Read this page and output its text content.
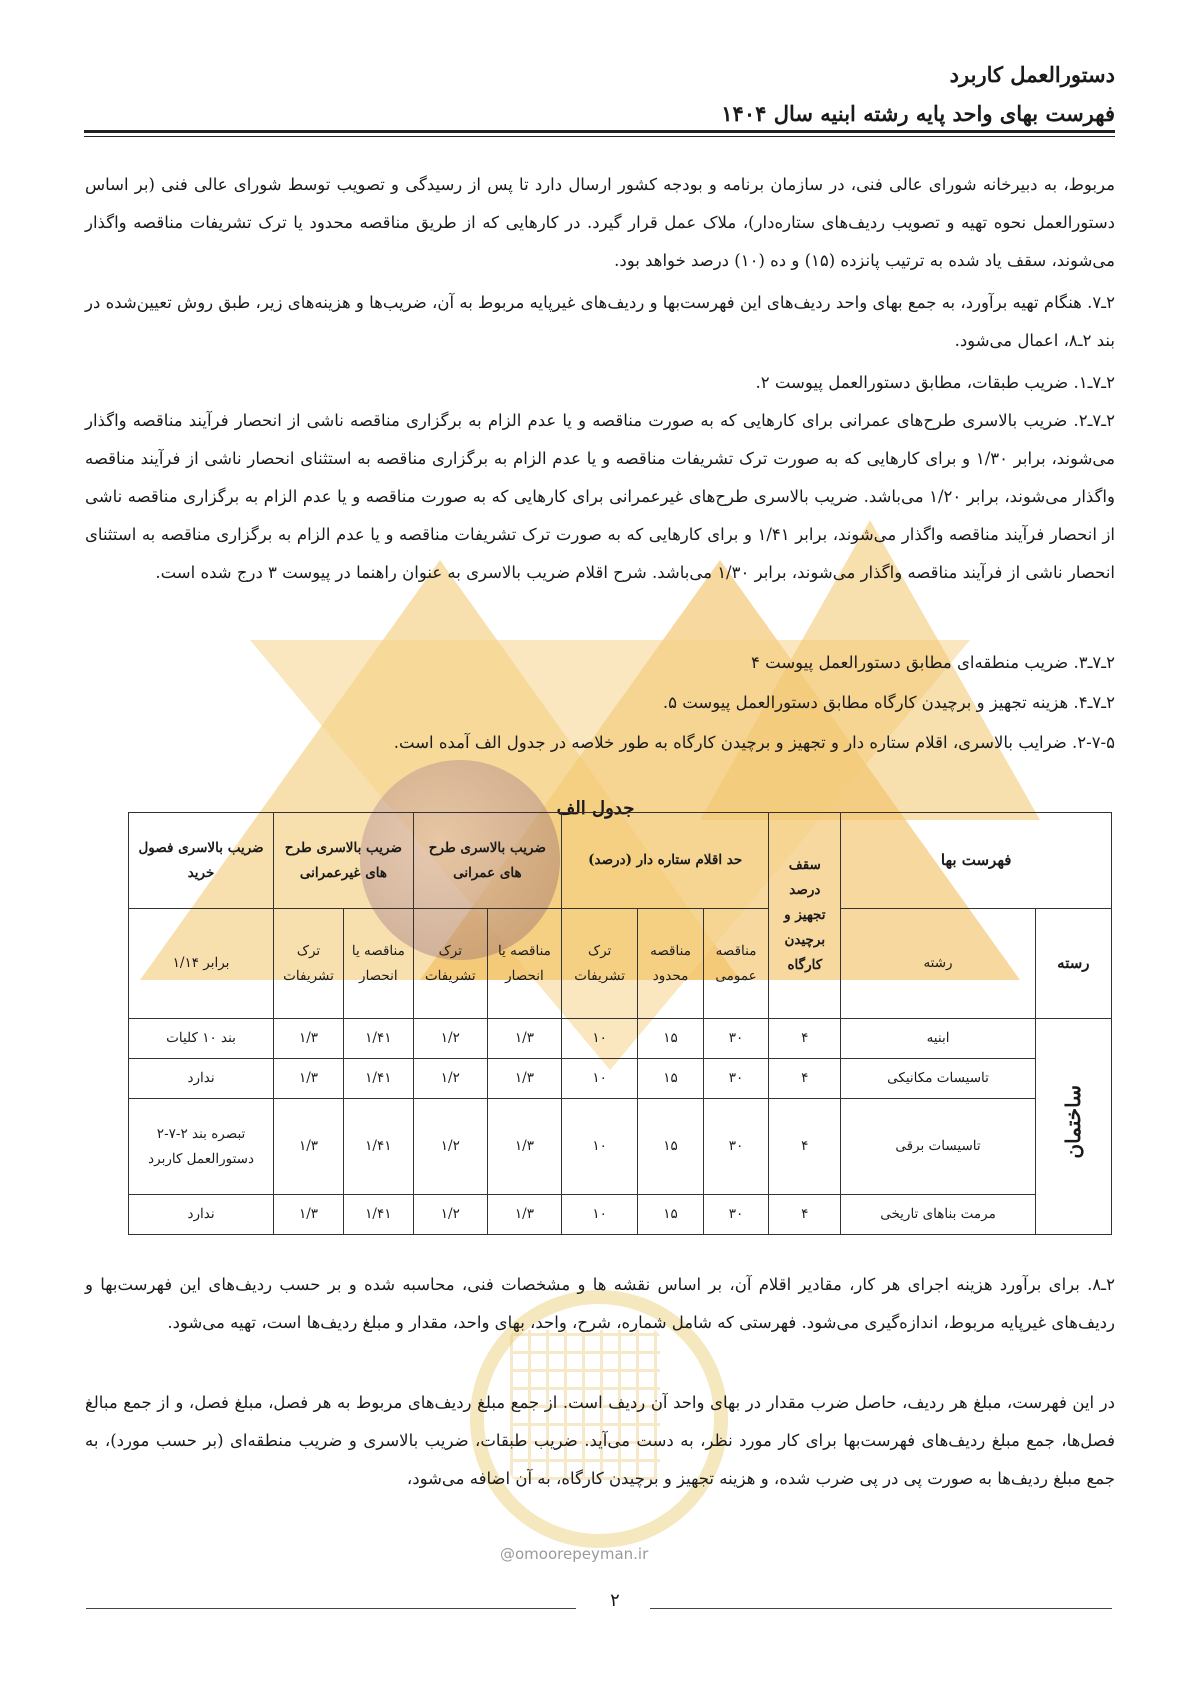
@omoorepeyman.ir
دستورالعمل کاربرد
فهرست بهای واحد پایه رشته ابنیه سال ۱۴۰۴
مربوط، به دبیرخانه شورای عالی فنی، در سازمان برنامه و بودجه کشور ارسال دارد تا پس از رسیدگی و تصویب توسط شورای عالی فنی (بر اساس دستورالعمل نحوه تهیه و تصویب ردیف‌های ستاره‌دار)، ملاک عمل قرار گیرد. در کارهایی که از طریق مناقصه محدود یا ترک تشریفات مناقصه واگذار می‌شوند، سقف یاد شده به ترتیب پانزده (۱۵) و ده (۱۰) درصد خواهد بود.
۲ـ۷. هنگام تهیه برآورد، به جمع بهای واحد ردیف‌های این فهرست‌بها و ردیف‌های غیرپایه مربوط به آن، ضریب‌ها و هزینه‌های زیر، طبق روش تعیین‌شده در بند ۲ـ۸، اعمال می‌شود.
۲ـ۷ـ۱. ضریب طبقات، مطابق دستورالعمل پیوست ۲.
۲ـ۷ـ۲. ضریب بالاسری طرح‌های عمرانی برای کارهایی که به صورت مناقصه و یا عدم الزام به برگزاری مناقصه ناشی از انحصار فرآیند مناقصه واگذار می‌شوند، برابر ۱/۳۰ و برای کارهایی که به صورت ترک تشریفات مناقصه و یا عدم الزام به برگزاری مناقصه به استثنای انحصار ناشی از فرآیند مناقصه واگذار می‌شوند، برابر ۱/۲۰ می‌باشد. ضریب بالاسری طرح‌های غیرعمرانی برای کارهایی که به صورت مناقصه و یا عدم الزام به برگزاری مناقصه ناشی از انحصار فرآیند مناقصه واگذار می‌شوند، برابر ۱/۴۱ و برای کارهایی که به صورت ترک تشریفات مناقصه و یا عدم الزام به برگزاری مناقصه به استثنای انحصار ناشی از فرآیند مناقصه واگذار می‌شوند، برابر ۱/۳۰ می‌باشد. شرح اقلام ضریب بالاسری به عنوان راهنما در پیوست ۳ درج شده است.
۲ـ۷ـ۳. ضریب منطقه‌ای مطابق دستورالعمل پیوست ۴
۲ـ۷ـ۴. هزینه تجهیز و برچیدن کارگاه مطابق دستورالعمل پیوست ۵.
۲-۷-۵. ضرایب بالاسری، اقلام ستاره دار و تجهیز و برچیدن کارگاه به طور خلاصه در جدول الف آمده است.
جدول الف
فهرست بها		سقف درصد تجهیز و برچیدن کارگاه	حد اقلام ستاره دار (درصد)			ضریب بالاسری طرح های عمرانی		ضریب بالاسری طرح های غیرعمرانی		ضریب بالاسری فصول خرید
رسته	رشته		مناقصه عمومی	مناقصه محدود	ترک تشریفات	مناقصه یا انحصار	ترک تشریفات	مناقصه یا انحصار	ترک تشریفات	برابر ۱/۱۴
ساختمان	ابنیه	۴	۳۰	۱۵	۱۰	۱/۳	۱/۲	۱/۴۱	۱/۳	بند ۱۰ کلیات
	تاسیسات مکانیکی	۴	۳۰	۱۵	۱۰	۱/۳	۱/۲	۱/۴۱	۱/۳	ندارد
	تاسیسات برقی	۴	۳۰	۱۵	۱۰	۱/۳	۱/۲	۱/۴۱	۱/۳	تبصره بند ۲-۷-۲ دستورالعمل کاربرد
	مرمت بناهای تاریخی	۴	۳۰	۱۵	۱۰	۱/۳	۱/۲	۱/۴۱	۱/۳	ندارد
۲ـ۸. برای برآورد هزینه اجرای هر کار، مقادیر اقلام آن، بر اساس نقشه ها و مشخصات فنی، محاسبه شده و بر حسب ردیف‌های این فهرست‌بها و ردیف‌های غیرپایه مربوط، اندازه‌گیری می‌شود. فهرستی که شامل شماره، شرح، واحد، بهای واحد، مقدار و مبلغ ردیف‌ها است، تهیه می‌شود.
در این فهرست، مبلغ هر ردیف، حاصل ضرب مقدار در بهای واحد آن ردیف است. از جمع مبلغ ردیف‌های مربوط به هر فصل، مبلغ فصل، و از جمع مبالغ فصل‌ها، جمع مبلغ ردیف‌های فهرست‌بها برای کار مورد نظر، به دست می‌آید. ضریب طبقات، ضریب بالاسری و ضریب منطقه‌ای (بر حسب مورد)، به جمع مبلغ ردیف‌ها به صورت پی در پی ضرب شده، و هزینه تجهیز و برچیدن کارگاه، به آن اضافه می‌شود،
۲
